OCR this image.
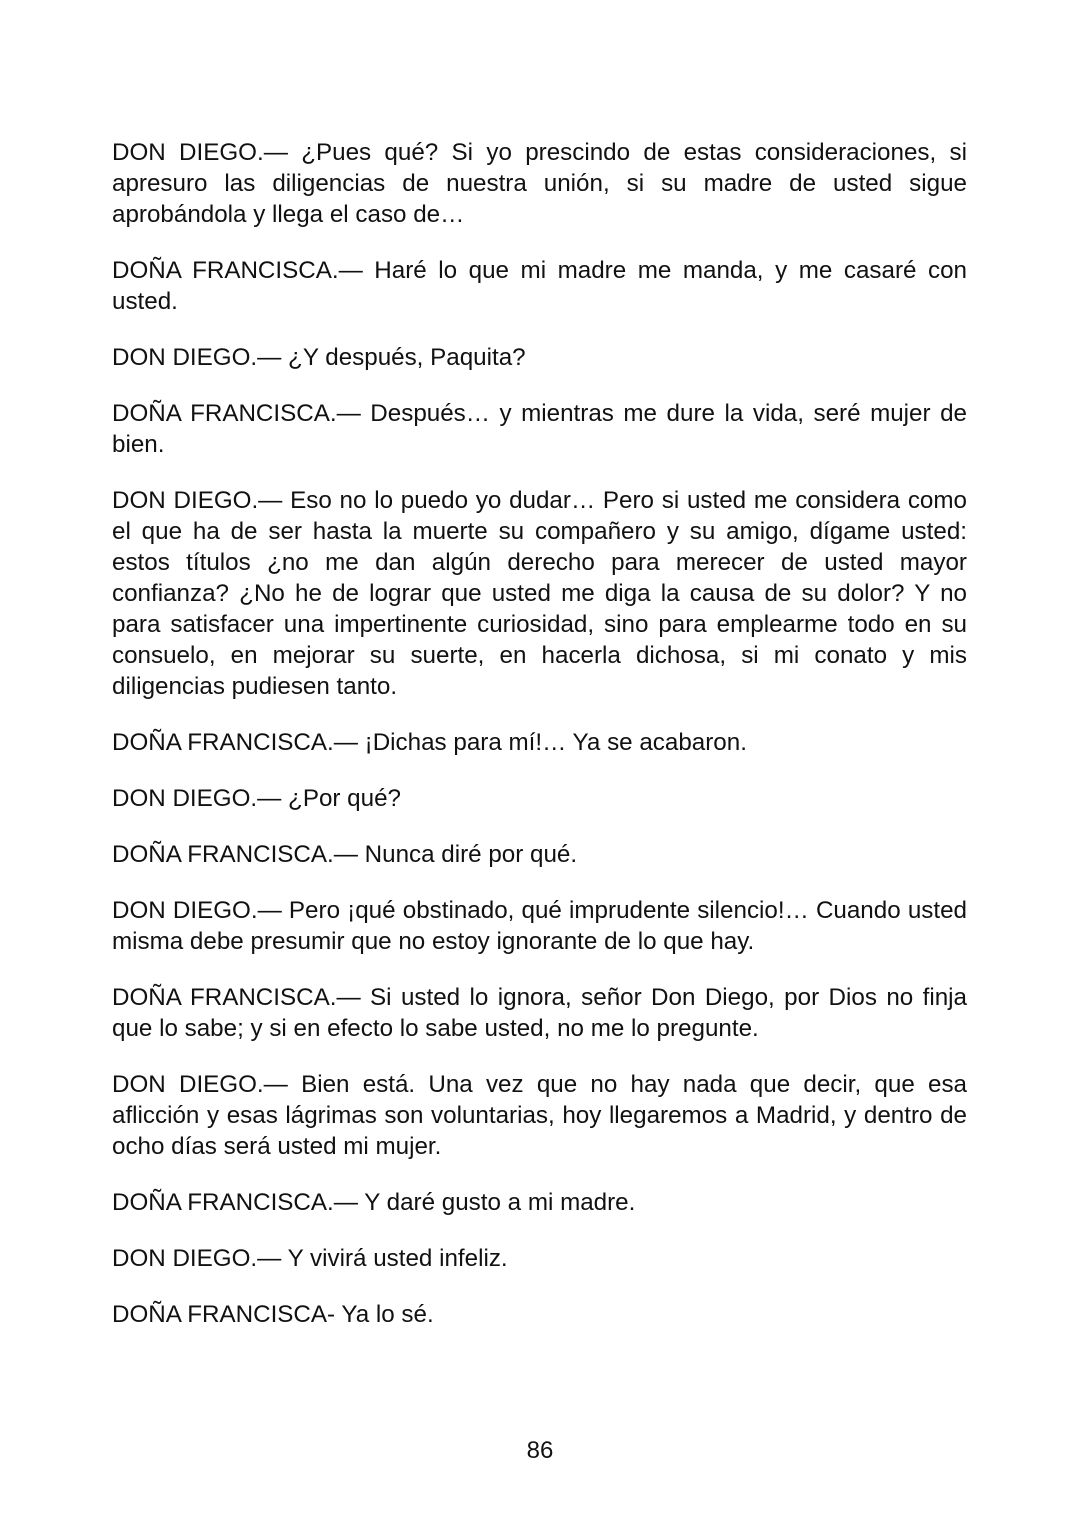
DON DIEGO.— ¿Pues qué? Si yo prescindo de estas consideraciones, si apresuro las diligencias de nuestra unión, si su madre de usted sigue aprobándola y llega el caso de…

DOÑA FRANCISCA.— Haré lo que mi madre me manda, y me casaré con usted.

DON DIEGO.— ¿Y después, Paquita?

DOÑA FRANCISCA.— Después… y mientras me dure la vida, seré mujer de bien.

DON DIEGO.— Eso no lo puedo yo dudar… Pero si usted me considera como el que ha de ser hasta la muerte su compañero y su amigo, dígame usted: estos títulos ¿no me dan algún derecho para merecer de usted mayor confianza? ¿No he de lograr que usted me diga la causa de su dolor? Y no para satisfacer una impertinente curiosidad, sino para emplearme todo en su consuelo, en mejorar su suerte, en hacerla dichosa, si mi conato y mis diligencias pudiesen tanto.

DOÑA FRANCISCA.— ¡Dichas para mí!… Ya se acabaron.

DON DIEGO.— ¿Por qué?

DOÑA FRANCISCA.— Nunca diré por qué.

DON DIEGO.— Pero ¡qué obstinado, qué imprudente silencio!… Cuando usted misma debe presumir que no estoy ignorante de lo que hay.

DOÑA FRANCISCA.— Si usted lo ignora, señor Don Diego, por Dios no finja que lo sabe; y si en efecto lo sabe usted, no me lo pregunte.

DON DIEGO.— Bien está. Una vez que no hay nada que decir, que esa aflicción y esas lágrimas son voluntarias, hoy llegaremos a Madrid, y dentro de ocho días será usted mi mujer.

DOÑA FRANCISCA.— Y daré gusto a mi madre.

DON DIEGO.— Y vivirá usted infeliz.

DOÑA FRANCISCA- Ya lo sé.

86
